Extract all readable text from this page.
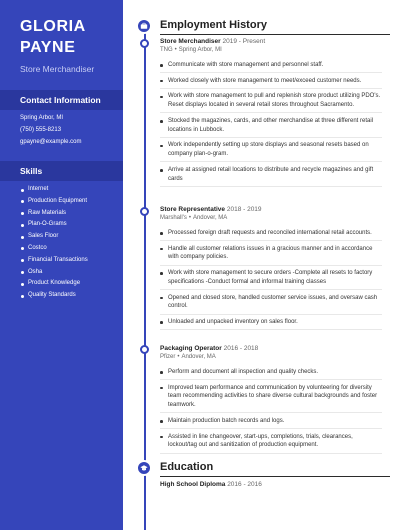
GLORIA
PAYNE
Store Merchandiser
Contact Information
Spring Arbor, MI
(750) 555-8213
gpayne@example.com
Skills
Internet
Production Equipment
Raw Materials
Plan-O-Grams
Sales Floor
Costco
Financial Transactions
Osha
Product Knowledge
Quality Standards
Employment History
Store Merchandiser 2019 - Present
TNG • Spring Arbor, MI
Communicate with store management and personnel staff.
Worked closely with store management to meet/exceed customer needs.
Work with store management to pull and replenish store product utilizing PDO's. Reset displays located in several retail stores throughout Sacramento.
Stocked the magazines, cards, and other merchandise at three different retail locations in Lubbock.
Work independently setting up store displays and seasonal resets based on company plan-o-gram.
Arrive at assigned retail locations to distribute and recycle magazines and gift cards
Store Representative 2018 - 2019
Marshall's • Andover, MA
Processed foreign draft requests and reconciled international retail accounts.
Handle all customer relations issues in a gracious manner and in accordance with company policies.
Work with store management to secure orders -Complete all resets to factory specifications -Conduct formal and informal training classes
Opened and closed store, handled customer service issues, and oversaw cash control.
Unloaded and unpacked inventory on sales floor.
Packaging Operator 2016 - 2018
Pfizer • Andover, MA
Perform and document all inspection and quality checks.
Improved team performance and communication by volunteering for diversity team recommending activities to share diverse cultural backgrounds and foster teamwork.
Maintain production batch records and logs.
Assisted in line changeover, start-ups, completions, trials, clearances, lockout/tag out and sanitization of production equipment.
Education
High School Diploma 2016 - 2016
